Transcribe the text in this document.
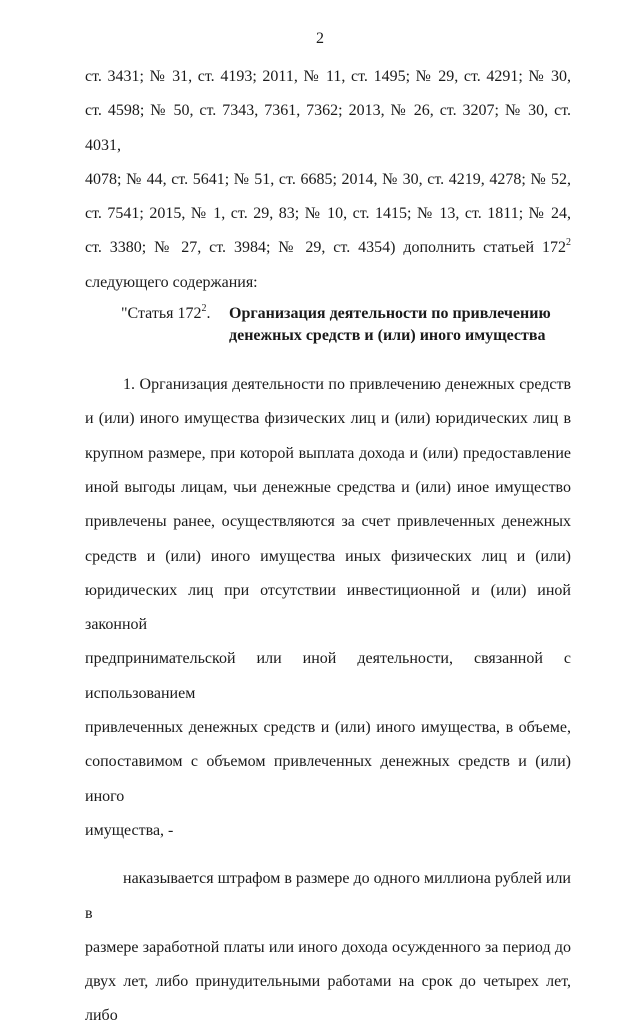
2
ст. 3431; № 31, ст. 4193; 2011, № 11, ст. 1495; № 29, ст. 4291; № 30,
ст. 4598; № 50, ст. 7343, 7361, 7362; 2013, № 26, ст. 3207; № 30, ст. 4031,
4078; № 44, ст. 5641; № 51, ст. 6685; 2014, № 30, ст. 4219, 4278; № 52,
ст. 7541; 2015, № 1, ст. 29, 83; № 10, ст. 1415; № 13, ст. 1811; № 24,
ст. 3380; № 27, ст. 3984; № 29, ст. 4354) дополнить статьей $172^2$
следующего содержания:
"Статья $172^2$.	Организация деятельности по привлечению
денежных средств и (или) иного имущества
1. Организация деятельности по привлечению денежных средств
и (или) иного имущества физических лиц и (или) юридических лиц в
крупном размере, при которой выплата дохода и (или) предоставление
иной выгоды лицам, чьи денежные средства и (или) иное имущество
привлечены ранее, осуществляются за счет привлеченных денежных
средств и (или) иного имущества иных физических лиц и (или)
юридических лиц при отсутствии инвестиционной и (или) иной законной
предпринимательской или иной деятельности, связанной с использованием
привлеченных денежных средств и (или) иного имущества, в объеме,
сопоставимом с объемом привлеченных денежных средств и (или) иного
имущества, -
наказывается штрафом в размере до одного миллиона рублей или в
размере заработной платы или иного дохода осужденного за период до
двух лет, либо принудительными работами на срок до четырех лет, либо
